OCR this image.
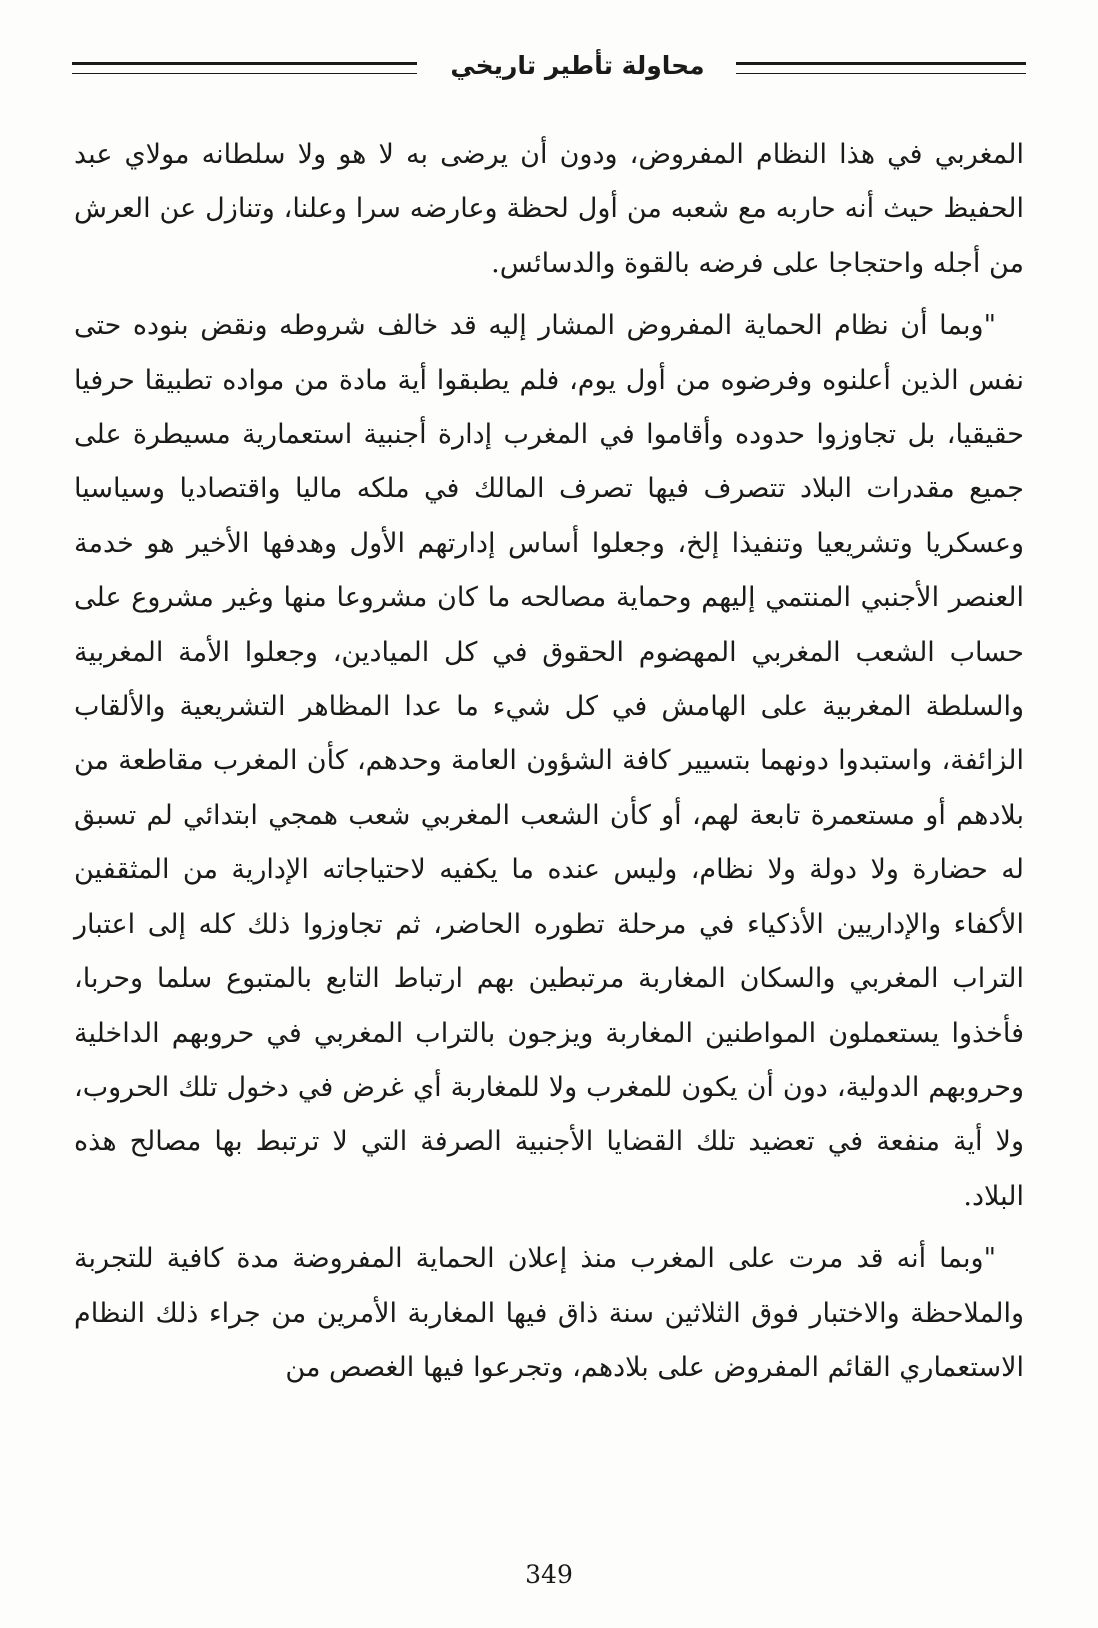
محاولة تأطير تاريخي

المغربي في هذا النظام المفروض، ودون أن يرضى به لا هو ولا سلطانه مولاي عبد الحفيظ حيث أنه حاربه مع شعبه من أول لحظة وعارضه سرا وعلنا، وتنازل عن العرش من أجله واحتجاجا على فرضه بالقوة والدسائس.

"وبما أن نظام الحماية المفروض المشار إليه قد خالف شروطه ونقض بنوده حتى نفس الذين أعلنوه وفرضوه من أول يوم، فلم يطبقوا أية مادة من مواده تطبيقا حرفيا حقيقيا، بل تجاوزوا حدوده وأقاموا في المغرب إدارة أجنبية استعمارية مسيطرة على جميع مقدرات البلاد تتصرف فيها تصرف المالك في ملكه ماليا واقتصاديا وسياسيا وعسكريا وتشريعيا وتنفيذا إلخ، وجعلوا أساس إدارتهم الأول وهدفها الأخير هو خدمة العنصر الأجنبي المنتمي إليهم وحماية مصالحه ما كان مشروعا منها وغير مشروع على حساب الشعب المغربي المهضوم الحقوق في كل الميادين، وجعلوا الأمة المغربية والسلطة المغربية على الهامش في كل شيء ما عدا المظاهر التشريعية والألقاب الزائفة، واستبدوا دونهما بتسيير كافة الشؤون العامة وحدهم، كأن المغرب مقاطعة من بلادهم أو مستعمرة تابعة لهم، أو كأن الشعب المغربي شعب همجي ابتدائي لم تسبق له حضارة ولا دولة ولا نظام، وليس عنده ما يكفيه لاحتياجاته الإدارية من المثقفين الأكفاء والإداريين الأذكياء في مرحلة تطوره الحاضر، ثم تجاوزوا ذلك كله إلى اعتبار التراب المغربي والسكان المغاربة مرتبطين بهم ارتباط التابع بالمتبوع سلما وحربا، فأخذوا يستعملون المواطنين المغاربة ويزجون بالتراب المغربي في حروبهم الداخلية وحروبهم الدولية، دون أن يكون للمغرب ولا للمغاربة أي غرض في دخول تلك الحروب، ولا أية منفعة في تعضيد تلك القضايا الأجنبية الصرفة التي لا ترتبط بها مصالح هذه البلاد.

"وبما أنه قد مرت على المغرب منذ إعلان الحماية المفروضة مدة كافية للتجربة والملاحظة والاختبار فوق الثلاثين سنة ذاق فيها المغاربة الأمرين من جراء ذلك النظام الاستعماري القائم المفروض على بلادهم، وتجرعوا فيها الغصص من

349
